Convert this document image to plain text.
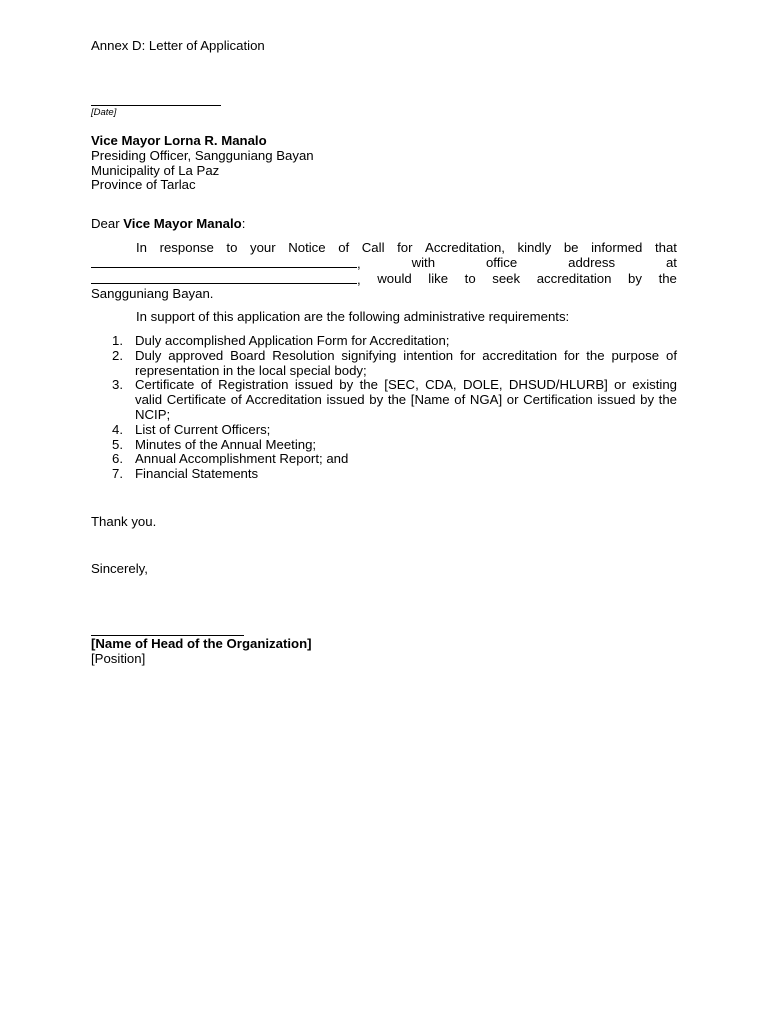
Annex D: Letter of Application
[Date]
Vice Mayor Lorna R. Manalo
Presiding Officer, Sangguniang Bayan
Municipality of La Paz
Province of Tarlac
Dear Vice Mayor Manalo:
In response to your Notice of Call for Accreditation, kindly be informed that
,	with	office	address	at
, would like to seek accreditation by the
Sangguniang Bayan.
In support of this application are the following administrative requirements:
1. Duly accomplished Application Form for Accreditation;
2. Duly approved Board Resolution signifying intention for accreditation for the purpose of representation in the local special body;
3. Certificate of Registration issued by the [SEC, CDA, DOLE, DHSUD/HLURB] or existing valid Certificate of Accreditation issued by the [Name of NGA] or Certification issued by the NCIP;
4. List of Current Officers;
5. Minutes of the Annual Meeting;
6. Annual Accomplishment Report; and
7. Financial Statements
Thank you.
Sincerely,
[Name of Head of the Organization]
[Position]
